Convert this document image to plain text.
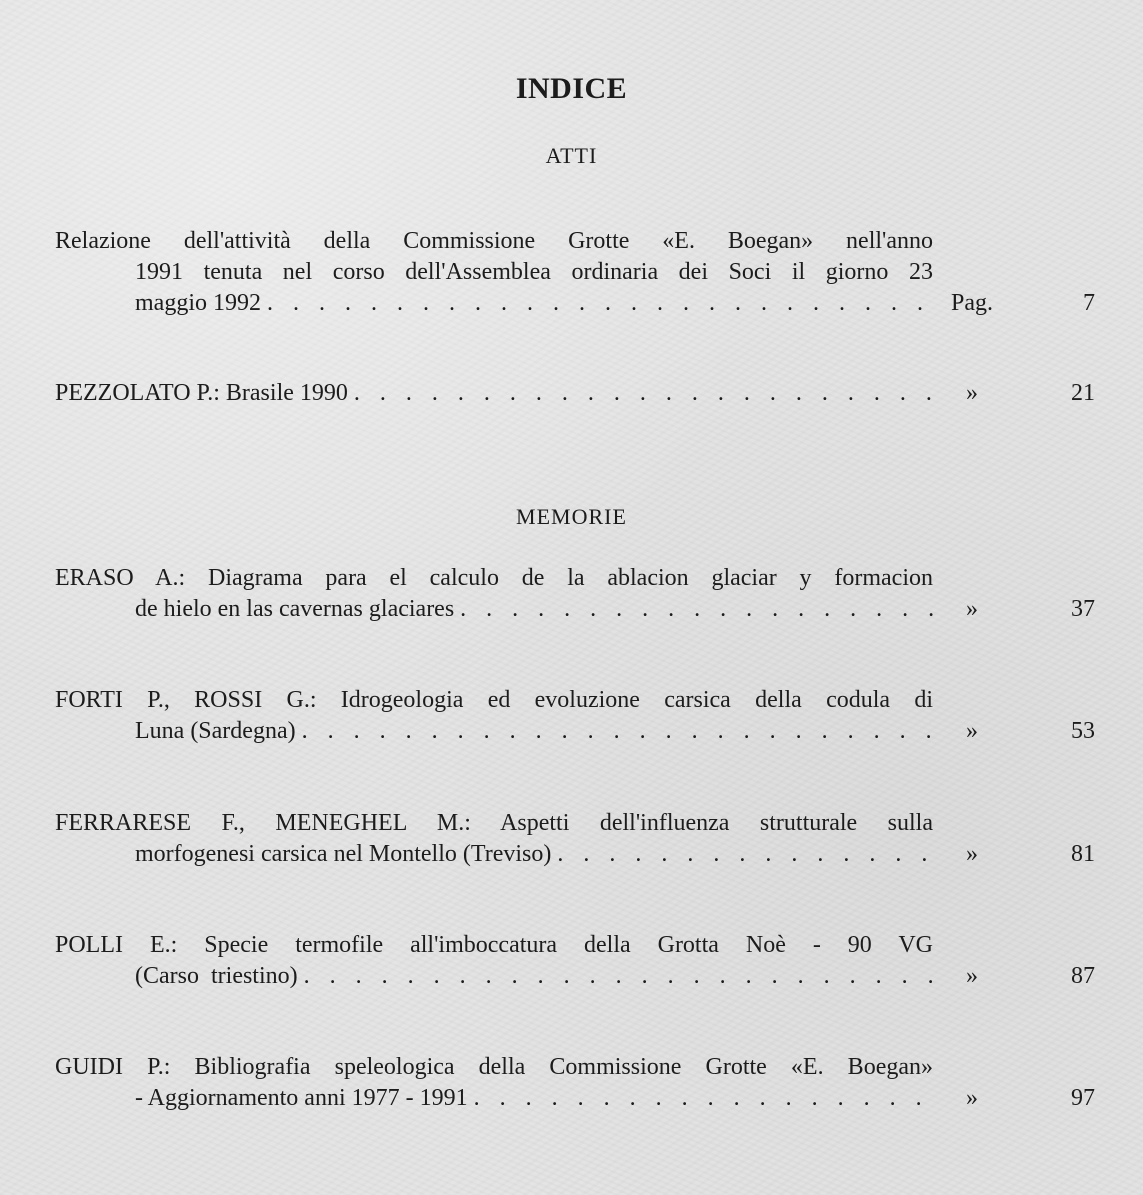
INDICE
ATTI
Relazione dell'attività della Commissione Grotte «E. Boegan» nell'anno
1991 tenuta nel corso dell'Assemblea ordinaria dei Soci il giorno 23
maggio 1992 . . .	Pag.	7
PEZZOLATO P.: Brasile 1990 . . .	»	21
MEMORIE
ERASO A.: Diagrama para el calculo de la ablacion glaciar y formacion
de hielo en las cavernas glaciares . . .	»	37
FORTI P., ROSSI G.: Idrogeologia ed evoluzione carsica della codula di
Luna (Sardegna) . . .	»	53
FERRARESE F., MENEGHEL M.: Aspetti dell'influenza strutturale sulla
morfogenesi carsica nel Montello (Treviso) . . .	»	81
POLLI E.: Specie termofile all'imboccatura della Grotta Noè - 90 VG
(Carso  triestino) . . .	»	87
GUIDI P.: Bibliografia speleologica della Commissione Grotte «E. Boegan»
- Aggiornamento anni 1977 - 1991 . . .	»	97
